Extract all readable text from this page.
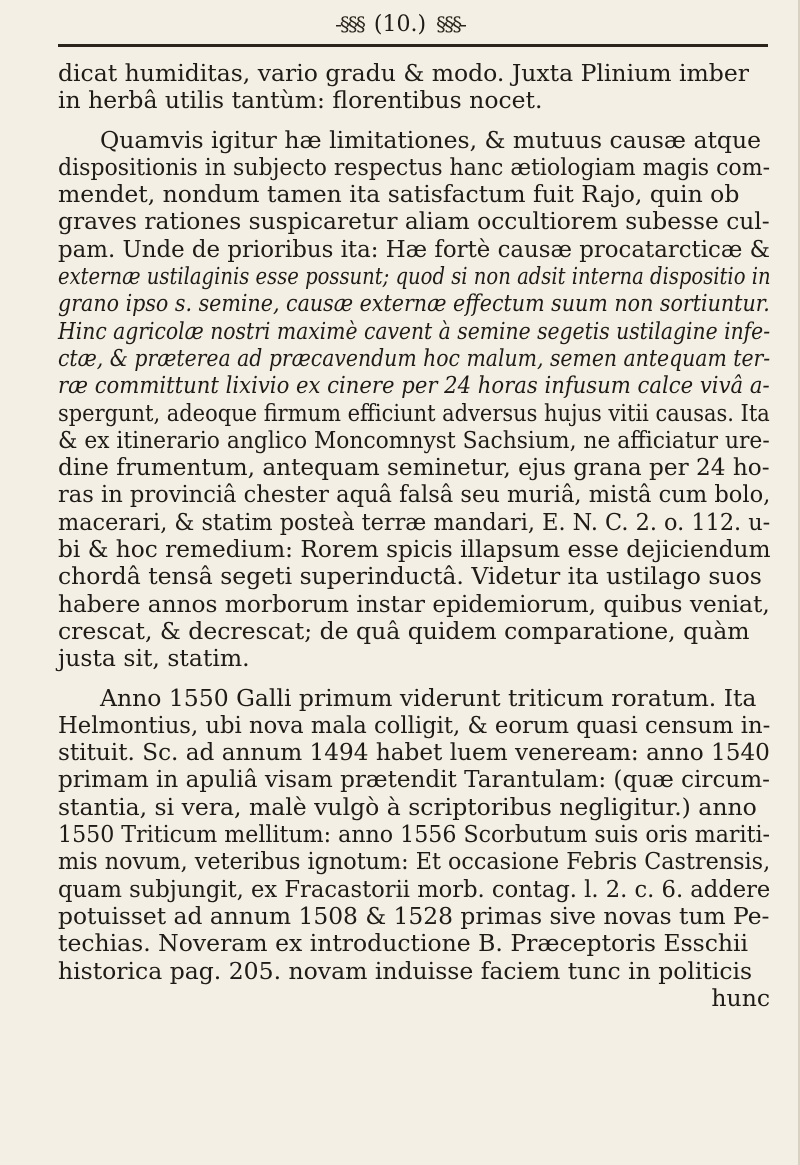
-§§§ (10.) §§§-
dicat humiditas, vario gradu & modo. Juxta Plinium imber
in herbâ utilis tantùm: florentibus nocet.
Quamvis igitur hæ limitationes, & mutuus causæ atque
dispositionis in subjecto respectus hanc ætiologiam magis com-
mendet, nondum tamen ita satisfactum fuit Rajo, quin ob
graves rationes suspicaretur aliam occultiorem subesse cul-
pam. Unde de prioribus ita: Hæ fortè causæ procatarcticæ &
externæ ustilaginis esse possunt; quod si non adsit interna dispositio in
grano ipso s. semine, causæ externæ effectum suum non sortiuntur.
Hinc agricolæ nostri maximè cavent à semine segetis ustilagine infe-
ctæ, & præterea ad præcavendum hoc malum, semen antequam ter-
ræ committunt lixivio ex cinere per 24 horas infusum calce vivâ a-
spergunt, adeoque firmum efficiunt adversus hujus vitii causas. Ita
& ex itinerario anglico Moncomnyst Sachsium, ne afficiatur ure-
dine frumentum, antequam seminetur, ejus grana per 24 ho-
ras in provinciâ chester aquâ falsâ seu muriâ, mistâ cum bolo,
macerari, & statim posteà terræ mandari, E. N. C. 2. o. 112. u-
bi & hoc remedium: Rorem spicis illapsum esse dejiciendum
chordâ tensâ segeti superinductâ. Videtur ita ustilago suos
habere annos morborum instar epidemiorum, quibus veniat,
crescat, & decrescat; de quâ quidem comparatione, quàm
justa sit, statim.
Anno 1550 Galli primum viderunt triticum roratum. Ita
Helmontius, ubi nova mala colligit, & eorum quasi censum in-
stituit. Sc. ad annum 1494 habet luem veneream: anno 1540
primam in apuliâ visam prætendit Tarantulam: (quæ circum-
stantia, si vera, malè vulgò à scriptoribus negligitur.) anno
1550 Triticum mellitum: anno 1556 Scorbutum suis oris mariti-
mis novum, veteribus ignotum: Et occasione Febris Castrensis,
quam subjungit, ex Fracastorii morb. contag. l. 2. c. 6. addere
potuisset ad annum 1508 & 1528 primas sive novas tum Pe-
techias. Noveram ex introductione B. Præceptoris Esschii
historica pag. 205. novam induisse faciem tunc in politicis
hunc
